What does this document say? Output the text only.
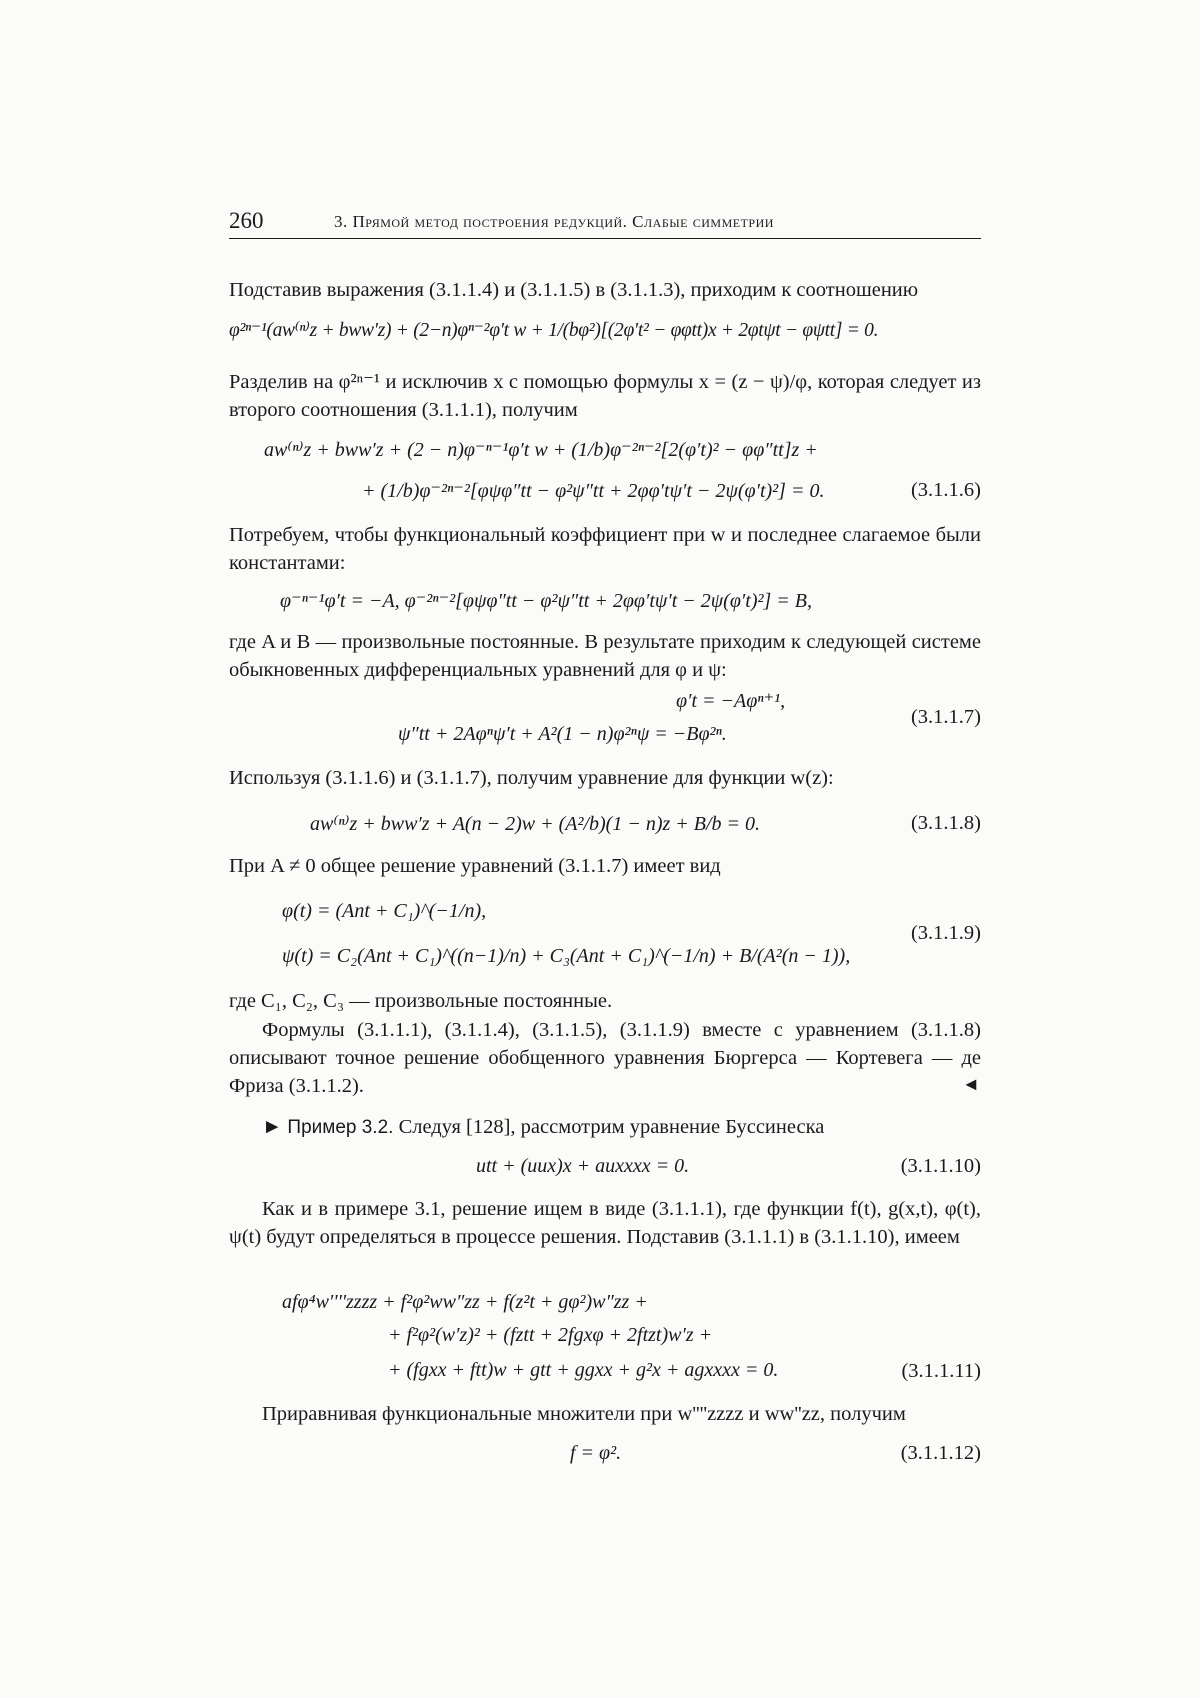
260	3. Прямой метод построения редукций. Слабые симметрии

Подставив выражения (3.1.1.4) и (3.1.1.5) в (3.1.1.3), приходим к соотношению

φ²ⁿ⁻¹(aw⁽ⁿ⁾z + bww′z) + (2−n)φⁿ⁻²φ′t w + 1/(bφ²)[(2φ′t² − φφtt)x + 2φtψt − φψtt] = 0.

Разделив на φ²ⁿ⁻¹ и исключив x с помощью формулы x = (z − ψ)/φ, которая следует из второго соотношения (3.1.1.1), получим

aw⁽ⁿ⁾z + bww′z + (2 − n)φ⁻ⁿ⁻¹φ′t w + (1/b)φ⁻²ⁿ⁻²[2(φ′t)² − φφ″tt]z +
+ (1/b)φ⁻²ⁿ⁻²[φψφ″tt − φ²ψ″tt + 2φφ′tψ′t − 2ψ(φ′t)²] = 0.	(3.1.1.6)

Потребуем, чтобы функциональный коэффициент при w и последнее слагаемое были константами:

φ⁻ⁿ⁻¹φ′t = −A, φ⁻²ⁿ⁻²[φψφ″tt − φ²ψ″tt + 2φφ′tψ′t − 2ψ(φ′t)²] = B,

где A и B — произвольные постоянные. В результате приходим к следующей системе обыкновенных дифференциальных уравнений для φ и ψ:

φ′t = −Aφⁿ⁺¹,
ψ″tt + 2Aφⁿψ′t + A²(1 − n)φ²ⁿψ = −Bφ²ⁿ.
(3.1.1.7)

Используя (3.1.1.6) и (3.1.1.7), получим уравнение для функции w(z):

aw⁽ⁿ⁾z + bww′z + A(n − 2)w + (A²/b)(1 − n)z + B/b = 0.	(3.1.1.8)

При A ≠ 0 общее решение уравнений (3.1.1.7) имеет вид

φ(t) = (Ant + C₁)^(−1/n),
ψ(t) = C₂(Ant + C₁)^((n−1)/n) + C₃(Ant + C₁)^(−1/n) + B/(A²(n − 1)),
(3.1.1.9)

где C₁, C₂, C₃ — произвольные постоянные.

Формулы (3.1.1.1), (3.1.1.4), (3.1.1.5), (3.1.1.9) вместе с уравнением (3.1.1.8) описывают точное решение обобщенного уравнения Бюргерса — Кортевега — де Фриза (3.1.1.2).	◄
► Пример 3.2. Следуя [128], рассмотрим уравнение Буссинеска
utt + (uux)x + auxxxx = 0.	(3.1.1.10)

Как и в примере 3.1, решение ищем в виде (3.1.1.1), где функции f(t), g(x,t), φ(t), ψ(t) будут определяться в процессе решения. Подставив (3.1.1.1) в (3.1.1.10), имеем

afφ⁴w''''zzzz + f²φ²ww″zz + f(z²t + gφ²)w″zz +
+ f²φ²(w′z)² + (fztt + 2fgxφ + 2ftzt)w′z +
+ (fgxx + ftt)w + gtt + ggxx + g²x + agxxxx = 0.	(3.1.1.11)

Приравнивая функциональные множители при w''''zzzz и ww''zz, получим

f = φ².	(3.1.1.12)
